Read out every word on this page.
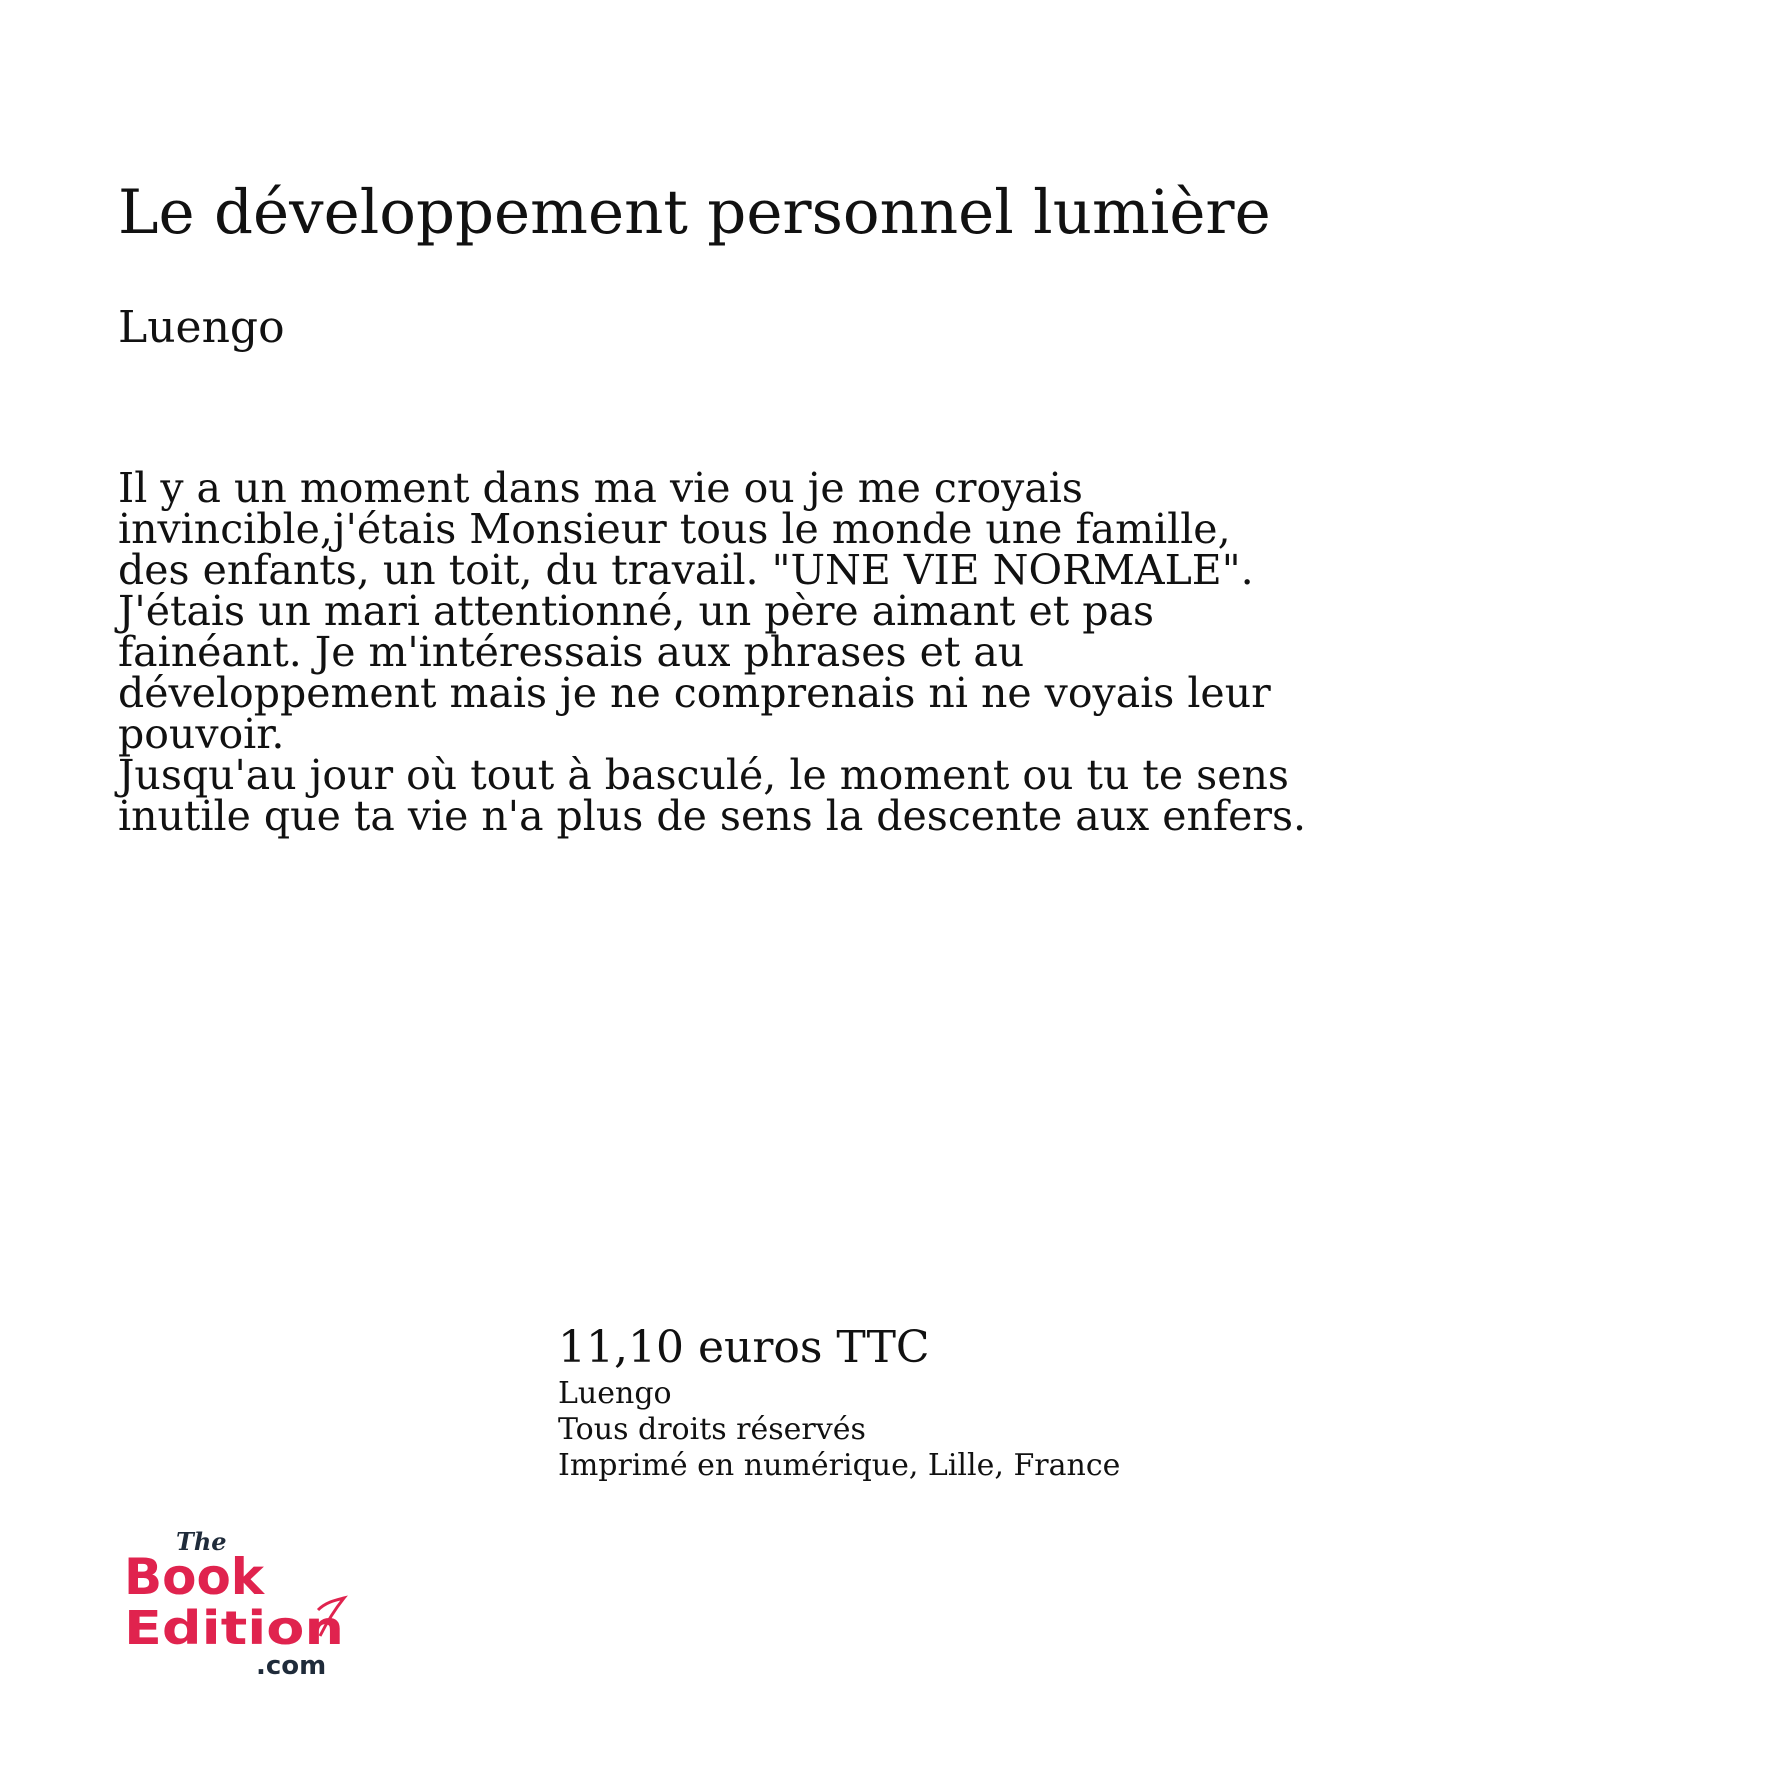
Le développement personnel lumière
Luengo
Il y a un moment dans ma vie ou je me croyais
invincible,j'étais Monsieur tous le monde une famille,
des enfants, un toit, du travail. "UNE VIE NORMALE".
J'étais un mari attentionné, un père aimant et pas
fainéant. Je m'intéressais aux phrases et au
développement mais je ne comprenais ni ne voyais leur
pouvoir.
Jusqu'au jour où tout à basculé, le moment ou tu te sens
inutile que ta vie n'a plus de sens la descente aux enfers.
11,10 euros TTC
Luengo
Tous droits réservés
Imprimé en numérique, Lille, France
The
Book
Edition
.com
